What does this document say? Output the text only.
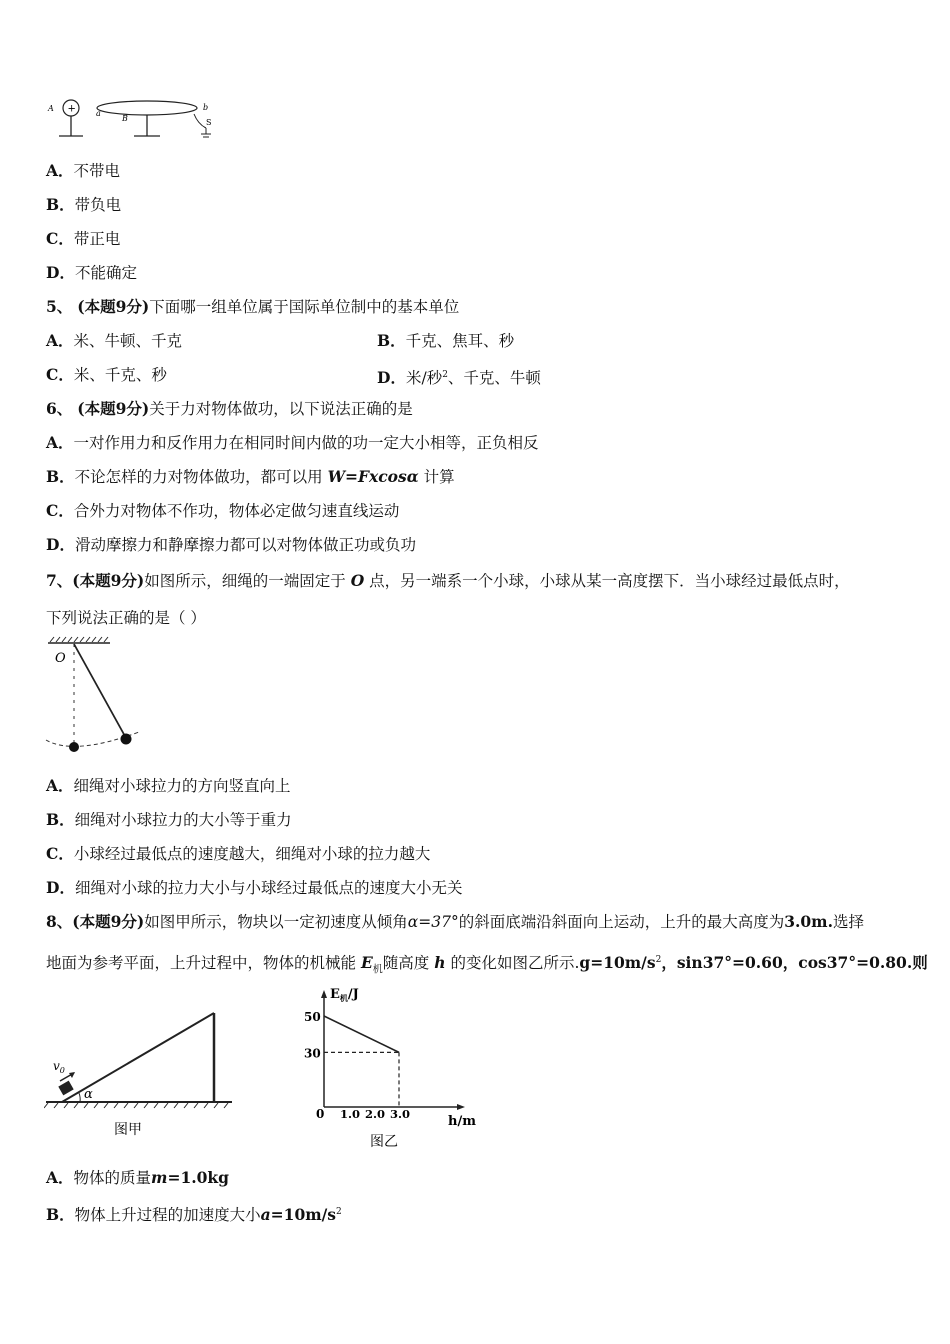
A +	a
B
b
S
A．不带电
B．带负电
C．带正电
D．不能确定
5、 (本题9分)下面哪一组单位属于国际单位制中的基本单位
A．米、牛顿、千克	B．千克、焦耳、秒
C．米、千克、秒	D．米/秒$^2$、千克、牛顿
6、 (本题9分)关于力对物体做功，以下说法正确的是
A．一对作用力和反作用力在相同时间内做的功一定大小相等，正负相反
B．不论怎样的力对物体做功，都可以用 W=Fxcosα 计算
C．合外力对物体不作功，物体必定做匀速直线运动
D．滑动摩擦力和静摩擦力都可以对物体做正功或负功
7、(本题9分)如图所示，细绳的一端固定于 O 点，另一端系一个小球，小球从某一高度摆下．当小球经过最低点时，
下列说法正确的是（ ）
O
A．细绳对小球拉力的方向竖直向上
B．细绳对小球拉力的大小等于重力
C．小球经过最低点的速度越大，细绳对小球的拉力越大
D．细绳对小球的拉力大小与小球经过最低点的速度大小无关
8、(本题9分)如图甲所示，物块以一定初速度从倾角α=37°的斜面底端沿斜面向上运动，上升的最大高度为3.0m.选择
地面为参考平面，上升过程中，物体的机械能 $E_机$随高度 h 的变化如图乙所示$.g=10m/s^2$，sin37°=0.60，cos37°=0.80.则
$v_0$
α
图甲
$E_机/J$
h/m
0
50
30
1.0 2.0 3.0
图乙
A．物体的质量m=1.0kg
B．物体上升过程的加速度大小$a=10m/s^2$
